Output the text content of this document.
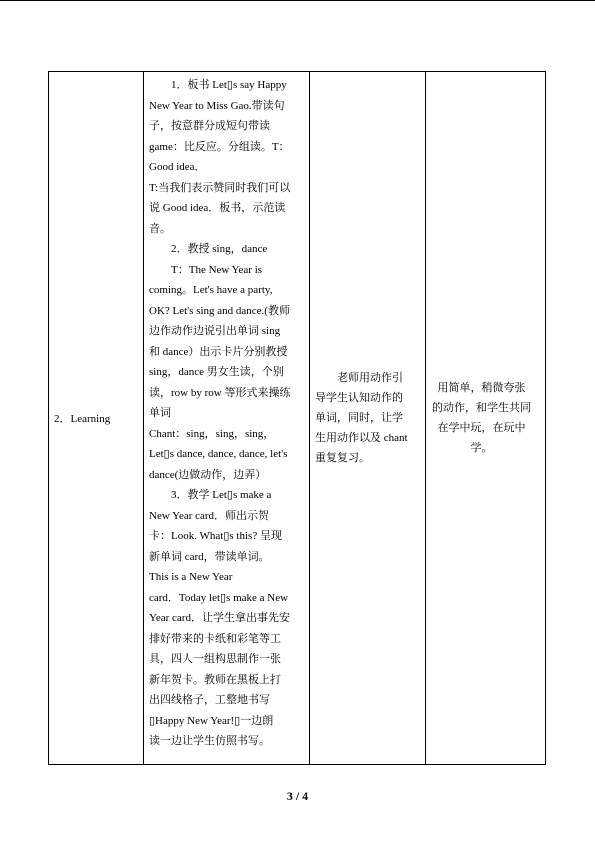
2．Learning

　　1．板书 Let▯s say Happy

New Year to Miss Gao.带读句

子，按意群分成短句带读

game：比反应。分组读。T：

Good idea．

T:当我们表示赞同时我们可以

说 Good idea．板书，示范读

音。

　　2．教授 sing，dance

　　T：The New Year is

coming。Let's have a party,

OK? Let's sing and dance.(教师

边作动作边说引出单词 sing

和 dance）出示卡片分别教授

sing，dance 男女生读，个别

读，row by row 等形式来操练

单词

Chant：sing，sing，sing，

Let▯s dance, dance, dance, let's

dance(边做动作，边弄）

　　3．教学 Let▯s make a

New Year card．师出示贺

卡：Look. What▯s this? 呈现

新单词 card，带读单词。

This is a New Year

card．Today let▯s make a New

Year card．让学生拿出事先安

排好带来的卡纸和彩笔等工

具，四人一组构思制作一张

新年贺卡。教师在黑板上打

出四线格子，工整地书写

▯Happy New Year!▯一边朗

读一边让学生仿照书写。

　　老师用动作引

导学生认知动作的

单词，同时，让学

生用动作以及 chant

重复复习。

用简单，稍微夸张

的动作，和学生共同

在学中玩，在玩中

学。

3 / 4
